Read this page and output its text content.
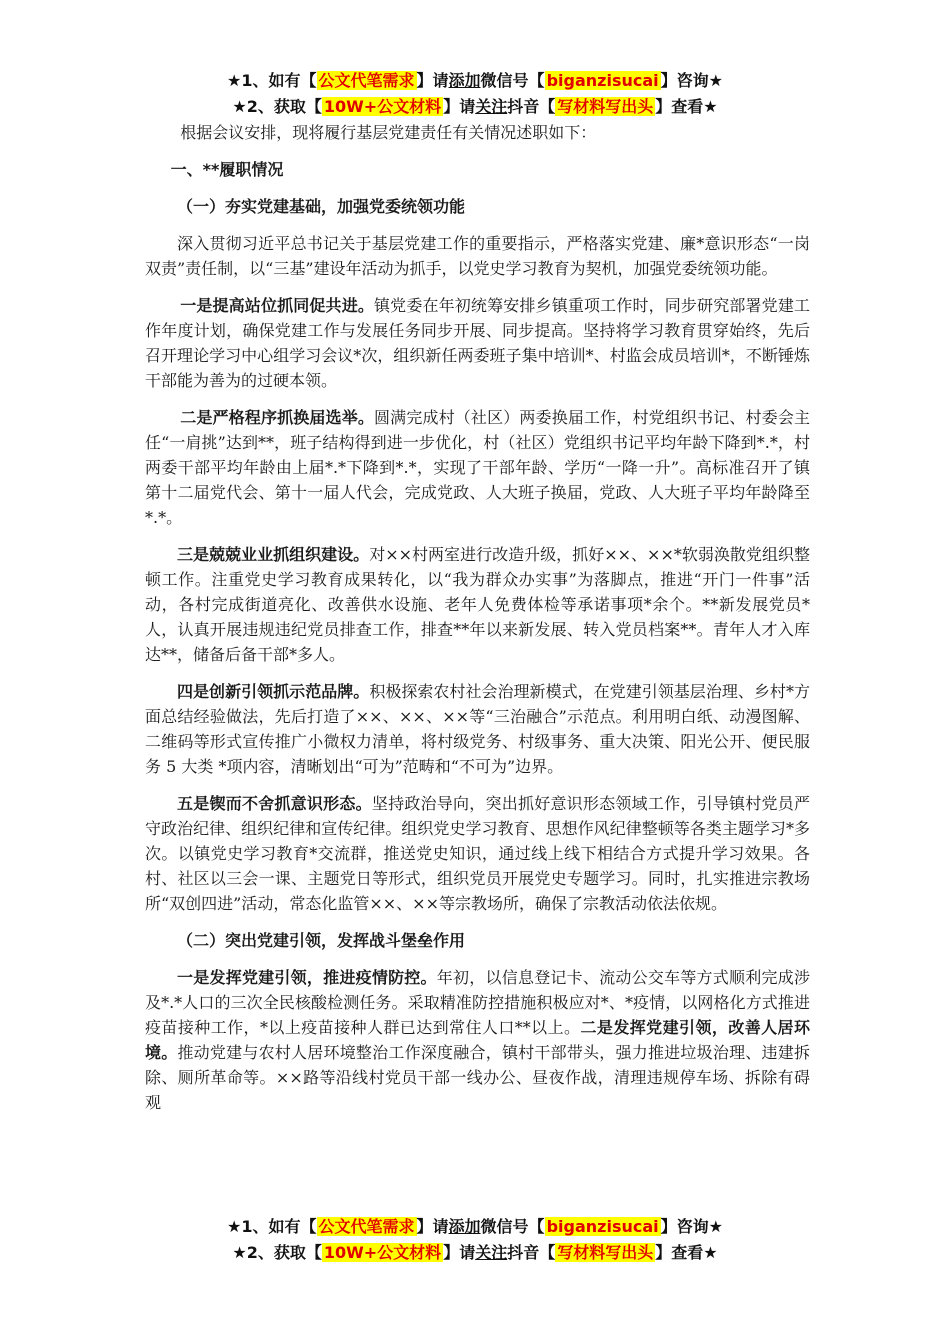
★1、如有【 公文代笔需求 】请添加微信号【 biganzisucai 】咨询★
★2、获取【 10W+公文材料 】请关注抖音【 写材料写出头 】查看★

根据会议安排，现将履行基层党建责任有关情况述职如下：

一、**履职情况

（一）夯实党建基础，加强党委统领功能

深入贯彻习近平总书记关于基层党建工作的重要指示，严格落实党建、廉*意识形态“一岗双责”责任制，以“三基”建设年活动为抓手，以党史学习教育为契机，加强党委统领功能。

一是提高站位抓同促共进。镇党委在年初统筹安排乡镇重项工作时，同步研究部署党建工作年度计划，确保党建工作与发展任务同步开展、同步提高。坚持将学习教育贯穿始终，先后召开理论学习中心组学习会议*次，组织新任两委班子集中培训*、村监会成员培训*，不断锤炼干部能为善为的过硬本领。

二是严格程序抓换届选举。圆满完成村（社区）两委换届工作，村党组织书记、村委会主任“一肩挑”达到**，班子结构得到进一步优化，村（社区）党组织书记平均年龄下降到*.*，村两委干部平均年龄由上届*.*下降到*.*，实现了干部年龄、学历“一降一升”。高标准召开了镇第十二届党代会、第十一届人代会，完成党政、人大班子换届，党政、人大班子平均年龄降至*.*。

三是兢兢业业抓组织建设。对××村两室进行改造升级，抓好××、××*软弱涣散党组织整顿工作。注重党史学习教育成果转化，以“我为群众办实事”为落脚点，推进“开门一件事”活动，各村完成街道亮化、改善供水设施、老年人免费体检等承诺事项*余个。**新发展党员*人，认真开展违规违纪党员排查工作，排查**年以来新发展、转入党员档案**。青年人才入库达**，储备后备干部*多人。

四是创新引领抓示范品牌。积极探索农村社会治理新模式，在党建引领基层治理、乡村*方面总结经验做法，先后打造了××、××、××等“三治融合”示范点。利用明白纸、动漫图解、二维码等形式宣传推广小微权力清单，将村级党务、村级事务、重大决策、阳光公开、便民服务 5 大类 *项内容，清晰划出“可为”范畴和“不可为”边界。

五是锲而不舍抓意识形态。坚持政治导向，突出抓好意识形态领域工作，引导镇村党员严守政治纪律、组织纪律和宣传纪律。组织党史学习教育、思想作风纪律整顿等各类主题学习*多次。以镇党史学习教育*交流群，推送党史知识，通过线上线下相结合方式提升学习效果。各村、社区以三会一课、主题党日等形式，组织党员开展党史专题学习。同时，扎实推进宗教场所“双创四进”活动，常态化监管××、××等宗教场所，确保了宗教活动依法依规。

（二）突出党建引领，发挥战斗堡垒作用

一是发挥党建引领，推进疫情防控。年初，以信息登记卡、流动公交车等方式顺利完成涉及*.*人口的三次全民核酸检测任务。采取精准防控措施积极应对*、*疫情，以网格化方式推进疫苗接种工作，*以上疫苗接种人群已达到常住人口**以上。二是发挥党建引领，改善人居环境。推动党建与农村人居环境整治工作深度融合，镇村干部带头，强力推进垃圾治理、违建拆除、厕所革命等。××路等沿线村党员干部一线办公、昼夜作战，清理违规停车场、拆除有碍观

★1、如有【 公文代笔需求 】请添加微信号【 biganzisucai 】咨询★
★2、获取【 10W+公文材料 】请关注抖音【 写材料写出头 】查看★
